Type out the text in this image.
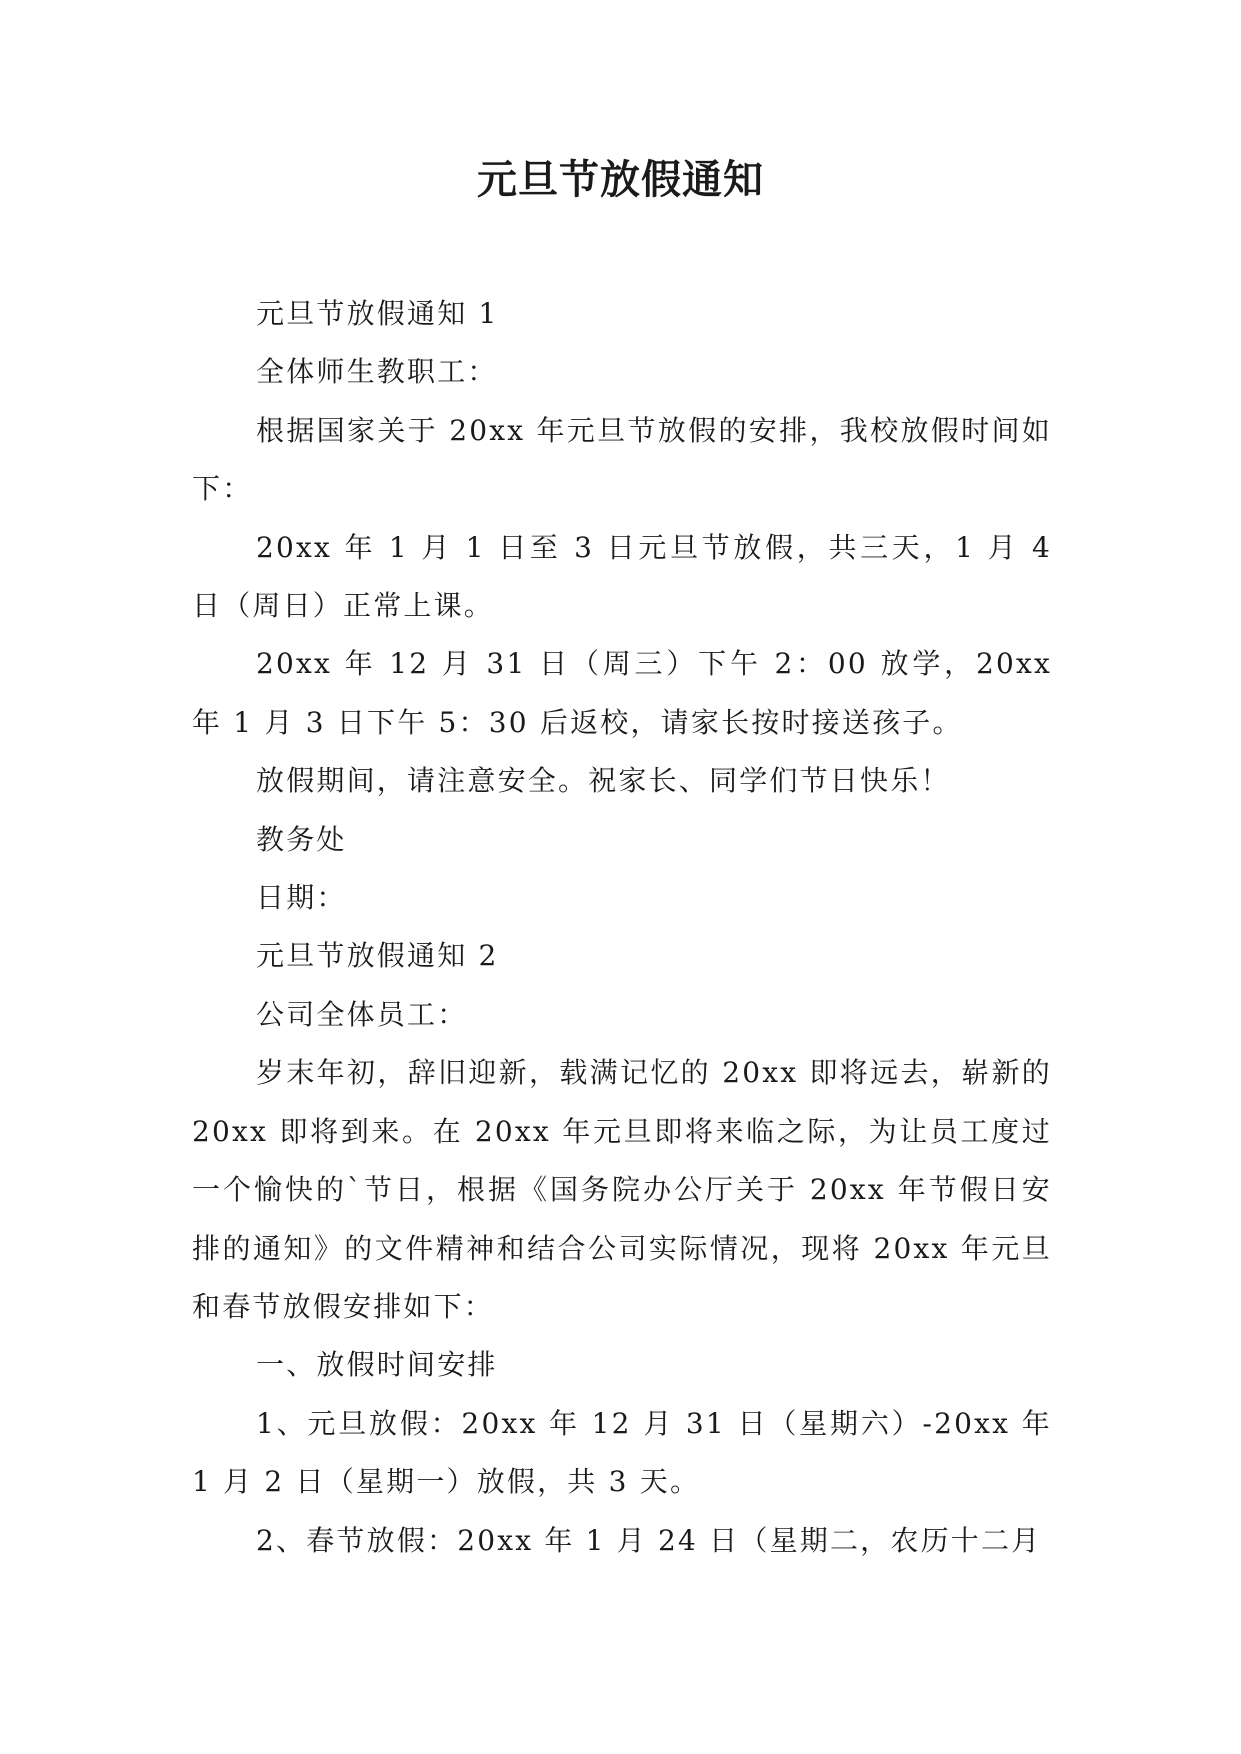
元旦节放假通知

元旦节放假通知 1

全体师生教职工：

根据国家关于 20xx 年元旦节放假的安排，我校放假时间如下：

20xx 年 1 月 1 日至 3 日元旦节放假，共三天，1 月 4 日（周日）正常上课。

20xx 年 12 月 31 日（周三）下午 2：00 放学，20xx 年 1 月 3 日下午 5：30 后返校，请家长按时接送孩子。

放假期间，请注意安全。祝家长、同学们节日快乐！

教务处

日期：

元旦节放假通知 2

公司全体员工：

岁末年初，辞旧迎新，载满记忆的 20xx 即将远去，崭新的 20xx 即将到来。在 20xx 年元旦即将来临之际，为让员工度过一个愉快的`节日，根据《国务院办公厅关于 20xx 年节假日安排的通知》的文件精神和结合公司实际情况，现将 20xx 年元旦和春节放假安排如下：

一、放假时间安排

1、元旦放假：20xx 年 12 月 31 日（星期六）-20xx 年 1 月 2 日（星期一）放假，共 3 天。

2、春节放假：20xx 年 1 月 24 日（星期二，农历十二月
